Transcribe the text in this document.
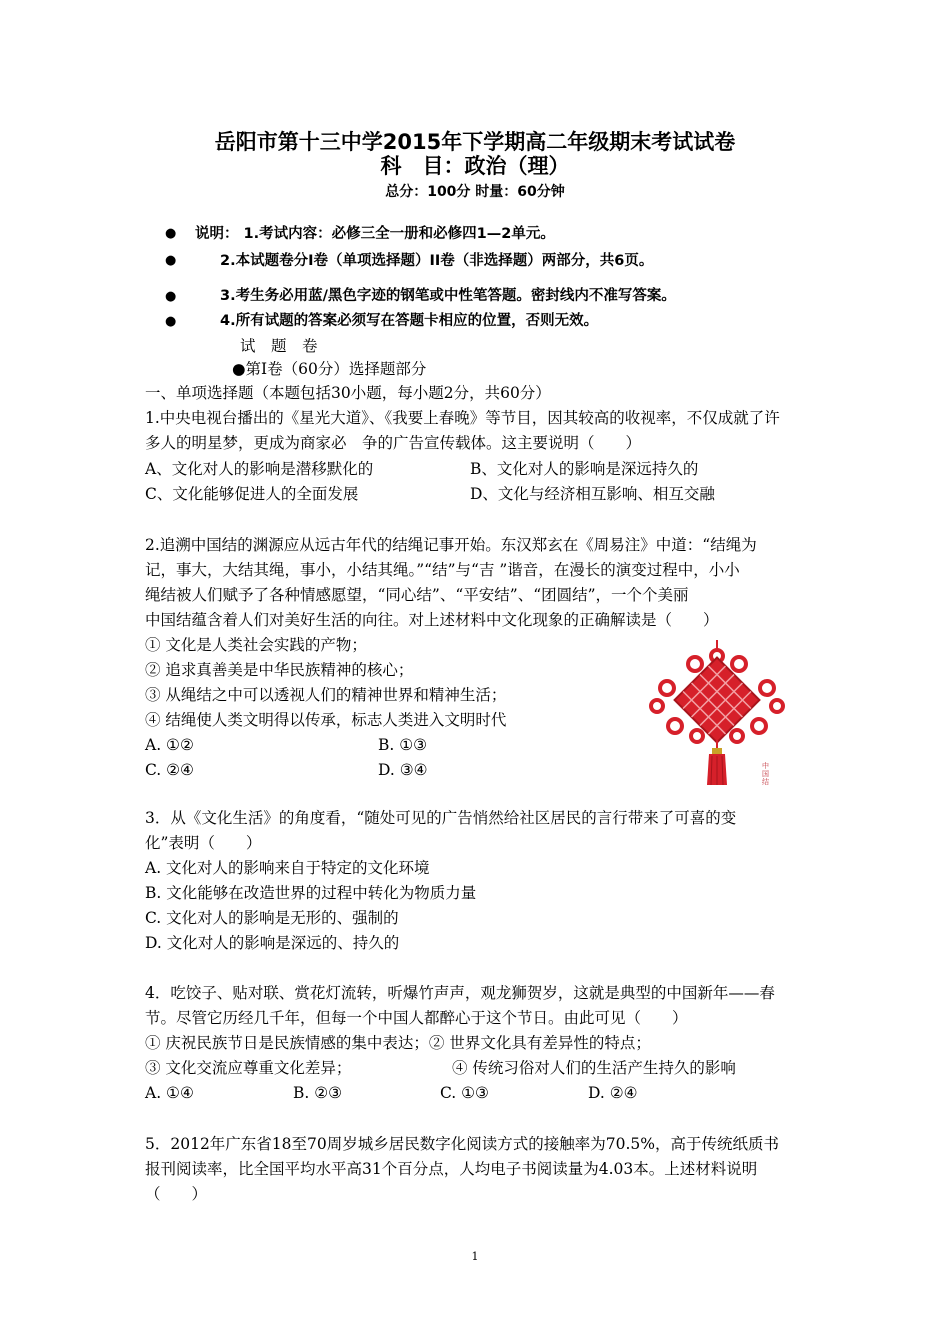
岳阳市第十三中学2015年下学期高二年级期末考试试卷
科　目：政治（理）
总分：100分 时量：60分钟
● 说明： 1.考试内容：必修三全一册和必修四1—2单元。
●	2.本试题卷分I卷（单项选择题）II卷（非选择题）两部分，共6页。
●	3.考生务必用蓝/黑色字迹的钢笔或中性笔答题。密封线内不准写答案。
●	4.所有试题的答案必须写在答题卡相应的位置，否则无效。
试　题　卷
●第I卷（60分）选择题部分
一、单项选择题（本题包括30小题，每小题2分，共60分）
1.中央电视台播出的《星光大道》、《我要上春晚》等节目，因其较高的收视率，不仅成就了许
多人的明星梦，更成为商家必　争的广告宣传载体。这主要说明（　　）
A、文化对人的影响是潜移默化的	B、文化对人的影响是深远持久的
C、文化能够促进人的全面发展	D、文化与经济相互影响、相互交融
2.追溯中国结的渊源应从远古年代的结绳记事开始。东汉郑玄在《周易注》中道：“结绳为
记，事大，大结其绳，事小，小结其绳。”“结”与“吉 ”谐音，在漫长的演变过程中，小小
绳结被人们赋予了各种情感愿望，“同心结”、“平安结”、“团圆结”，一个个美丽
中国结蕴含着人们对美好生活的向往。对上述材料中文化现象的正确解读是（　　）
① 文化是人类社会实践的产物；
② 追求真善美是中华民族精神的核心；
③ 从绳结之中可以透视人们的精神世界和精神生活；
④ 结绳使人类文明得以传承，标志人类进入文明时代
A. ①②	B. ①③
C. ②④	D. ③④	中国结
3．从《文化生活》的角度看，“随处可见的广告悄然给社区居民的言行带来了可喜的变
化”表明（　　）
A. 文化对人的影响来自于特定的文化环境
B. 文化能够在改造世界的过程中转化为物质力量
C. 文化对人的影响是无形的、强制的
D. 文化对人的影响是深远的、持久的
4．吃饺子、贴对联、赏花灯流转，听爆竹声声，观龙狮贺岁，这就是典型的中国新年——春
节。尽管它历经几千年，但每一个中国人都醉心于这个节日。由此可见（　　）
① 庆祝民族节日是民族情感的集中表达；② 世界文化具有差异性的特点；
③ 文化交流应尊重文化差异；	④ 传统习俗对人们的生活产生持久的影响
A. ①④	B. ②③	C. ①③	D. ②④
5．2012年广东省18至70周岁城乡居民数字化阅读方式的接触率为70.5%，高于传统纸质书
报刊阅读率，比全国平均水平高31个百分点，人均电子书阅读量为4.03本。上述材料说明
（　　）
1
